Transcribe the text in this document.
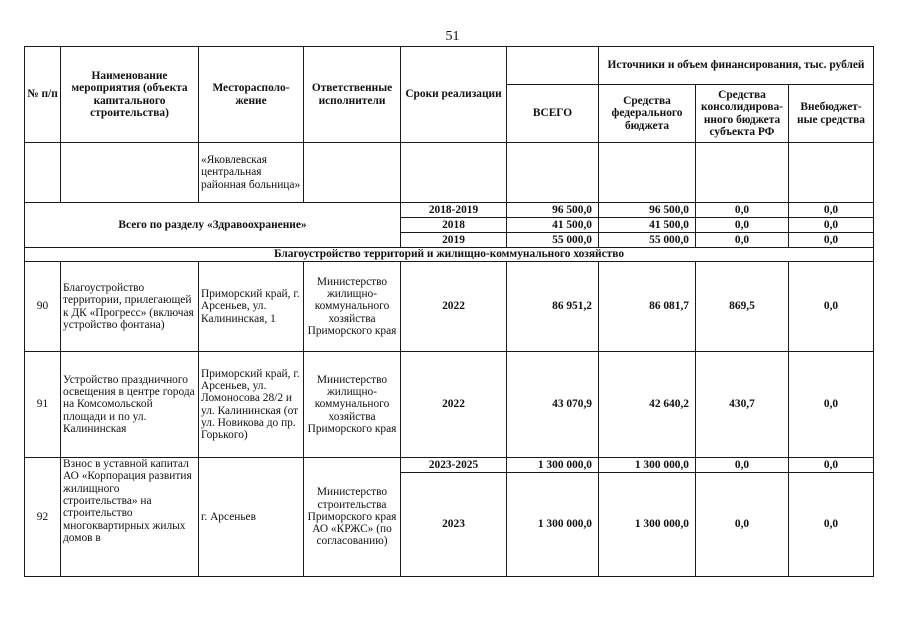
51
№ п/п	Наименование мероприятия (объекта капитального строительства)	Месторасполо-жение	Ответственные исполнители	Сроки реализации		Источники и объем финансирования, тыс. рублей		
					ВСЕГО	Средства федерального бюджета	Средства консолидирова-нного бюджета субъекта РФ	Внебюджет-ные средства
		«Яковлевская центральная районная больница»						
Всего по разделу «Здравоохранение»				2018-2019	96 500,0	96 500,0	0,0	0,0
				2018	41 500,0	41 500,0	0,0	0,0
				2019	55 000,0	55 000,0	0,0	0,0
Благоустройство территорий и жилищно-коммунального хозяйство								
90	Благоустройство территории, прилегающей к ДК «Прогресс» (включая устройство фонтана)	Приморский край, г. Арсеньев, ул. Калининская, 1	Министерство жилищно-коммунального хозяйства Приморского края	2022	86 951,2	86 081,7	869,5	0,0
91	Устройство праздничного освещения в центре города на Комсомольской площади и по ул. Калининская	Приморский край, г. Арсеньев, ул. Ломоносова 28/2 и ул. Калининская (от ул. Новикова до пр. Горького)	Министерство жилищно-коммунального хозяйства Приморского края	2022	43 070,9	42 640,2	430,7	0,0
92	Взнос в уставной капитал АО «Корпорация развития жилищного строительства» на строительство многоквартирных жилых домов в	г. Арсеньев	Министерство строительства Приморского края АО «КРЖС» (по согласованию)	2023-2025	1 300 000,0	1 300 000,0	0,0	0,0
				2023	1 300 000,0	1 300 000,0	0,0	0,0
